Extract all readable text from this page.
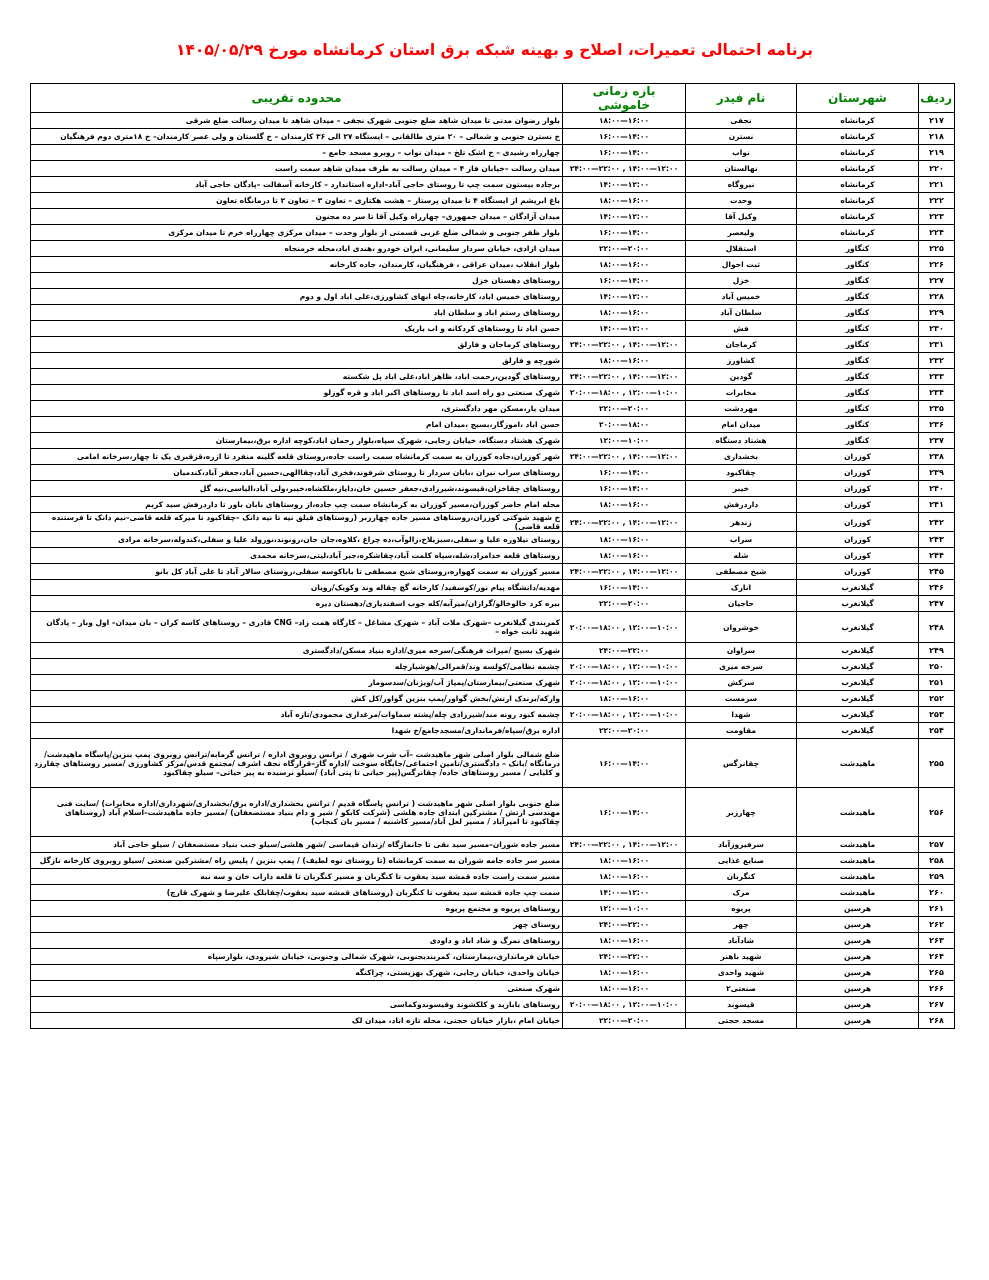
برنامه احتمالی تعمیرات، اصلاح و بهینه شبکه برق استان کرمانشاه مورخ ۱۴۰۵/۰۵/۲۹
ردیف	شهرستان	نام فیدر	بازه زمانی خاموشی	محدوده تقریبی
۲۱۷	کرمانشاه	نجفی	۱۶:۰۰—۱۸:۰۰	بلوار رضوان مدنی تا میدان شاهد ضلع جنوبی شهرک نجفی – میدان شاهد تا میدان رسالت ضلع شرقی
۲۱۸	کرمانشاه	نسترن	۱۴:۰۰—۱۶:۰۰	خ نسترن جنوبی و شمالی – ۲۰ متری طالقانی – ایستگاه ۲۷ الی ۳۶ کارمندان – خ گلستان و ولی عصر کارمندان– خ ۱۸متری دوم فرهنگیان
۲۱۹	کرمانشاه	نواب	۱۴:۰۰—۱۶:۰۰	چهارراه رشیدی – خ اشک تلخ – میدان نواب – روبرو مسجد جامع –
۲۲۰	کرمانشاه	نهالستان	۱۲:۰۰—۱۴:۰۰ , ۲۲:۰۰—۲۴:۰۰	میدان رسالت –خیابان فاز ۴ – میدان رسالت به طرف میدان شاهد سمت راست
۲۲۱	کرمانشاه	نیروگاه	۱۲:۰۰—۱۴:۰۰	برجاده بیستون سمت چپ تا روستای حاجی آباد–اداره استاندارد – کارخانه آسفالت –پادگان حاجی آباد
۲۲۲	کرمانشاه	وحدت	۱۶:۰۰—۱۸:۰۰	باغ ابریشم از ایستگاه ۴ تا میدان پرستار – هشت هکتاری – تعاون ۳ – تعاون ۲ تا درمانگاه تعاون
۲۲۳	کرمانشاه	وکیل آقا	۱۲:۰۰—۱۴:۰۰	میدان آزادگان – میدان جمهوری– چهارراه وکیل آقا تا سر ده مجنون
۲۲۴	کرمانشاه	ولیعصر	۱۴:۰۰—۱۶:۰۰	بلوار ظفر جنوبی و شمالی ضلع غربی قسمتی از بلوار وحدت – میدان مرکزی چهارراه خرم تا میدان مرکزی
۲۲۵	کنگاور	استقلال	۲۰:۰۰—۲۲:۰۰	میدان ازادی، خیابان سردار سلیمانی، ایران خودرو ،هندی اباد،محله خرمنجاه
۲۲۶	کنگاور	ثبت احوال	۱۶:۰۰—۱۸:۰۰	بلوار انقلاب ،میدان عراقی ، فرهنگیان، کارمندان، جاده کارخانه
۲۲۷	کنگاور	خزل	۱۴:۰۰—۱۶:۰۰	روستاهای دهستان خزل
۲۲۸	کنگاور	خمیس آباد	۱۲:۰۰—۱۴:۰۰	روستاهای خمیس اباد، کارخانه،چاه ابهای کشاورزی،علی اباد اول و دوم
۲۲۹	کنگاور	سلطان آباد	۱۶:۰۰—۱۸:۰۰	روستاهای رستم اباد و سلطان اباد
۲۳۰	کنگاور	فش	۱۲:۰۰—۱۴:۰۰	حسن اباد تا روستاهای کردکانه و اب باریک
۲۳۱	کنگاور	کرماجان	۱۲:۰۰—۱۴:۰۰ , ۲۲:۰۰—۲۴:۰۰	روستاهای کرماجان و فارلق
۲۳۲	کنگاور	کشاورز	۱۶:۰۰—۱۸:۰۰	شورچه و فارلق
۲۳۳	کنگاور	گودین	۱۲:۰۰—۱۴:۰۰ , ۲۲:۰۰—۲۴:۰۰	روستاهای گودین،رحمت اباد، ظاهر اباد،علی اباد پل شکسته
۲۳۴	کنگاور	مخابرات	۱۰:۰۰—۱۲:۰۰ , ۱۸:۰۰—۲۰:۰۰	شهرک صنعتی دو راه اسد اباد تا روستاهای اکبر اباد و قره گوزلو
۲۳۵	کنگاور	مهردشت	۲۰:۰۰—۲۲:۰۰	میدان یار،مسکن مهر دادگستری،
۲۳۶	کنگاور	میدان امام	۱۸:۰۰—۲۰:۰۰	حسن اباد ،اموزگار،بسیج ،میدان امام
۲۳۷	کنگاور	هشتاد دستگاه	۱۰:۰۰—۱۲:۰۰	شهرک هشتاد دستگاه، خیابان رجایی، شهرک سپاه،بلوار رحمان اباد،کوچه اداره برق،بیمارستان
۲۳۸	کوزران	بخشداری	۱۲:۰۰—۱۴:۰۰ , ۲۲:۰۰—۲۴:۰۰	شهر کوزران،جاده کوزران به سمت کرمانشاه سمت راست جاده،روستای قلعه گلینه منفرد تا ازره،قزقبری یک تا چهار،سرخانه امامی
۲۳۹	کوزران	چقاکبود	۱۴:۰۰—۱۶:۰۰	روستاهای سراب نیران ،بابان سردار تا روستای شرفوند،فخری آباد،چقاالهی،حسین آباد،جعفر آباد،کندمیان
۲۴۰	کوزران	خیبر	۱۴:۰۰—۱۶:۰۰	روستاهای چقاخزان،قیسوند،شیرزادی،جعفر حسین خان،دایاز،ملکشاه،خیبر،ولی آباد،الیاسی،نیه گل
۲۴۱	کوزران	داردرفش	۱۶:۰۰—۱۸:۰۰	محله امام حاضر کوزران،مسیر کوزران به کرمانشاه سمت چپ جاده،از روستاهای بابان باور تا داردرفش سید کریم
۲۴۲	کوزران	زندهر	۱۲:۰۰—۱۴:۰۰ , ۲۲:۰۰—۲۴:۰۰	خ شهید شوکتی کوزران،روستاهای مسیر جاده چهارزبر (روستاهای قبلق نیه تا نیه دانک –چقاکبود تا میرکه قلعه قاضی–نیم دانک تا فرستنده قلعه قاضی)
۲۴۳	کوزران	سراب	۱۶:۰۰—۱۸:۰۰	روستای نیلاوره علیا و سفلی،سیزیلاخ،زالوآب،ده چراغ ،کلاوه،جان جان،رونوند،نورولد علیا و سفلی،کندوله،سرخانه مرادی
۲۴۴	کوزران	شله	۱۶:۰۰—۱۸:۰۰	روستاهای قلعه خدامراد،شله،سیاه کلمت آباد،چقاشکره،جبر آباد،لیتی،سرخانه محمدی
۲۴۵	کوزران	شیخ مصطفی	۱۲:۰۰—۱۴:۰۰ , ۲۲:۰۰—۲۴:۰۰	مسیر کوزران به سمت کهواره،روستای شیخ مصطفی تا باباکوسه سفلی،روستای سالار آباد تا علی آباد کل بانو
۲۴۶	گیلانغرب	انارک	۱۴:۰۰—۱۶:۰۰	مهدیه/دانشگاه پیام نور/کوسفید/ کارخانه گچ چقاله وند وکویک/رویان
۲۴۷	گیلانغرب	حاجیان	۲۰:۰۰—۲۲:۰۰	بیره کرد خالوخالو/گرازان/میرآبه/کله جوب اسفندیاری/دهستان دیره
۲۴۸	گیلانغرب	خوشروان	۱۰:۰۰—۱۲:۰۰ , ۱۸:۰۰—۲۰:۰۰	کمربندی گیلانغرب –شهرک ملات آباد – شهرک مشاغل – کارگاه همت زاد– CNG قادری – روستاهای کاسه کران – بان میدان– اول وبار – پادگان شهید ثابت خواه –
۲۴۹	گیلانغرب	سراوان	۲۲:۰۰—۲۴:۰۰	شهرک بسیج /میراث فرهنگی/سرخه میری/اداره بنیاد مسکن/دادگستری
۲۵۰	گیلانغرب	سرخه میری	۱۰:۰۰—۱۲:۰۰ , ۱۸:۰۰—۲۰:۰۰	چشمه نظامی/کولسه وند/قمرالی/هوشیارچله
۲۵۱	گیلانغرب	سرکش	۱۰:۰۰—۱۲:۰۰ , ۱۸:۰۰—۲۰:۰۰	شهرک صنعتی/بیمارستان/پمپاژ آب/ویژنان/سدسومار
۲۵۲	گیلانغرب	سرمست	۱۶:۰۰—۱۸:۰۰	وارکه/برندک ارتش/بخش گواور/پمپ بنزین گواور/کل کش
۲۵۳	گیلانغرب	شهدا	۱۰:۰۰—۱۲:۰۰ , ۱۸:۰۰—۲۰:۰۰	چشمه کبود رونه مند/شیرزادی چله/پشته سماوات/مرغداری محمودی/تازه آباد
۲۵۴	گیلانغرب	مقاومت	۲۰:۰۰—۲۲:۰۰	اداره برق/سپاه/فرمانداری/مسجدجامع/خ شهدا
۲۵۵	ماهیدشت	چقانرگس	۱۴:۰۰—۱۶:۰۰	ضلع شمالی بلوار اصلی شهر ماهیدشت –آب شرب شهری / ترانس روبروی اداره / ترانس گرمابه/ترانس روبروی پمپ بنزین/پاسگاه ماهیدشت/ درمانگاه /بانک – دادگستری/تامین اجتماعی/جایگاه سوخت /اداره گاز–قرارگاه نجف اشرف /مجتمع قدس/مرکز کشاورزی /مسیر روستاهای چقارزد و کلیایی / مسیر روستاهای جاده/ چقانرگس(پیر حیاتی تا پتی آباد) /سیلو نرسیده به پیر حیاتی– سیلو چقاکبود
۲۵۶	ماهیدشت	چهارزبر	۱۴:۰۰—۱۶:۰۰	ضلع جنوبی بلوار اصلی شهر ماهیدشت ( ترانس پاسگاه قدیم / ترانس بخشداری/اداره برق/بخشداری/شهرداری/اداره مخابرات) /سایت فنی مهندسی ارتش / مشترکین ابتدای جاده هلشی (شرکت کابکو / شیر و دام بنیاد مستضعفان) /مسیر جاده ماهیدشت–اسلام آباد (روستاهای چقاکبود تا امیرآباد / مسیر لعل آباد/مسیر کاشنبه / مسیر بان کنجاب)
۲۵۷	ماهیدشت	سرفیروزآباد	۱۲:۰۰—۱۴:۰۰ , ۲۲:۰۰—۲۴:۰۰	مسیر جاده شوران–مسیر سید نقی تا جانمازگاه /زندان قیماسی /شهر هلشی/سیلو جنب بنیاد مستضعفان / سیلو حاجی آباد
۲۵۸	ماهیدشت	صنایع غذایی	۱۶:۰۰—۱۸:۰۰	مسیر سر جاده جامه شوران به سمت کرمانشاه (تا روستای نوه لطیف) / پمپ بنزین / پلیس راه /مشترکین صنعتی /سیلو روبروی کارخانه نازگل
۲۵۹	ماهیدشت	کنگربان	۱۶:۰۰—۱۸:۰۰	مسیر سمت راست جاده قمشه سید یعقوب تا کنگربان و مسیر کنگربان تا قلعه داراب خان و سه نبه
۲۶۰	ماهیدشت	مرک	۱۲:۰۰—۱۴:۰۰	سمت چپ جاده قمشه سید یعقوب تا کنگربان (روستاهای قمشه سید یعقوب/چقابلک علیرضا و شهرک قارچ)
۲۶۱	هرسین	پریوه	۱۰:۰۰—۱۲:۰۰	روستاهای پریوه و مجتمع پریوه
۲۶۲	هرسین	چهر	۲۲:۰۰—۲۴:۰۰	روستای چهر
۲۶۳	هرسین	شادآباد	۱۶:۰۰—۱۸:۰۰	روستاهای نمرگ و شاد اباد و داودی
۲۶۴	هرسین	شهید باهنر	۲۲:۰۰—۲۴:۰۰	خیابان فرمانداری،بیمارستان، کمربندیجنوبی، شهرک شمالی وجنوبی، خیابان شیرودی، بلوارسپاه
۲۶۵	هرسین	شهید واحدی	۱۶:۰۰—۱۸:۰۰	خیابان واحدی، خیابان رجایی، شهرک بهزیستی، چراکنگه
۲۶۶	هرسین	صنعتی۲	۱۶:۰۰—۱۸:۰۰	شهرک صنعتی
۲۶۷	هرسین	قیسوند	۱۰:۰۰—۱۲:۰۰ , ۱۸:۰۰—۲۰:۰۰	روستاهای بابازید و کلکشوند وقیسوندوکماسی
۲۶۸	هرسین	مسجد حجتی	۲۰:۰۰—۲۲:۰۰	خیابان امام ،بازار خیابان حجتی، محله تازه اباد، میدان لک
